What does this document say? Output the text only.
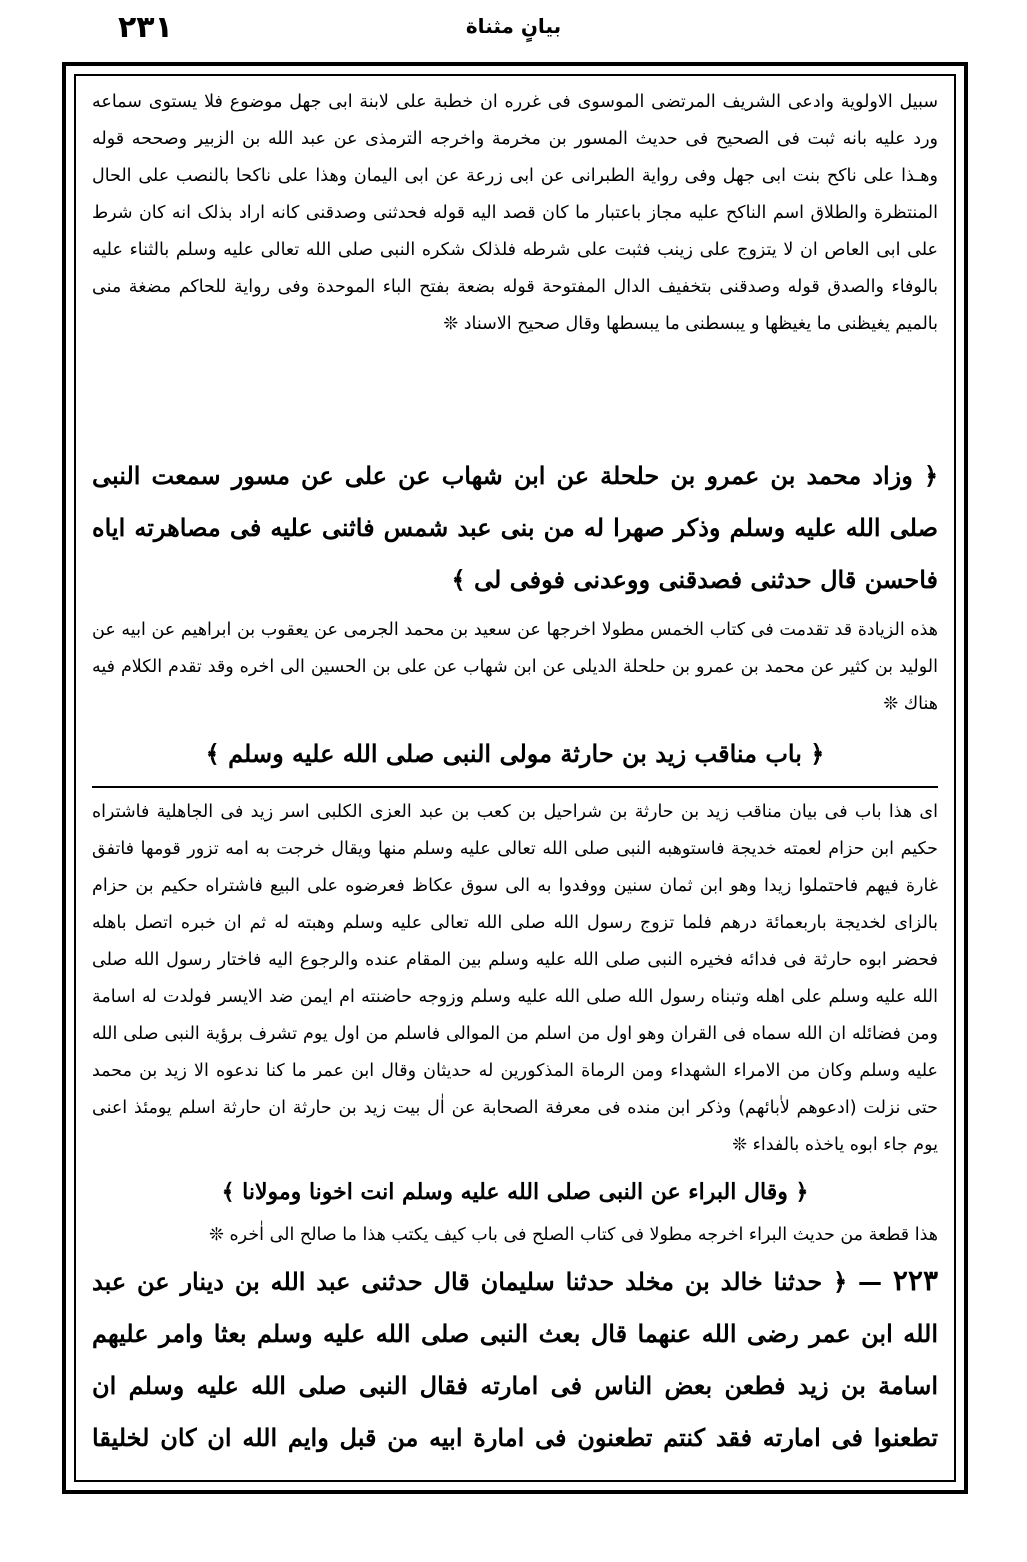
۲۳۱	بیانٍ مثناة

سبیل الاولویة وادعی الشریف المرتضی الموسوی فی غرره ان خطبة علی لابنة ابی جهل موضوع فلا یستوی سماعه ورد علیه بانه ثبت فی الصحیح فی حدیث المسور بن مخرمة واخرجه الترمذی عن عبد الله بن الزبیر وصححه قوله وهـذا علی ناکح بنت ابی جهل وفی روایة الطبرانی عن ابی زرعة عن ابی الیمان وهذا علی ناکحا بالنصب علی الحال المنتظرة والطلاق اسم الناکح علیه مجاز باعتبار ما کان قصد الیه قوله فحدثنی وصدقنی کانه اراد بذلک انه کان شرط علی ابی العاص ان لا یتزوج علی زینب فثبت علی شرطه فلذلک شکره النبی صلی الله تعالی علیه وسلم بالثناء علیه بالوفاء والصدق قوله وصدقنی بتخفیف الدال المفتوحة قوله بضعة بفتح الباء الموحدة وفی روایة للحاکم مضغة منی بالمیم یغیظنی ما یغیظها و یبسطنی ما یبسطها وقال صحیح الاسناد ❊

﴿ وزاد محمد بن عمرو بن حلحلة عن ابن شهاب عن علی عن مسور سمعت النبی صلی الله علیه وسلم وذکر صهرا له من بنی عبد شمس فاثنی علیه فی مصاهرته ایاه فاحسن قال حدثنی فصدقنی ووعدنی فوفی لی ﴾

هذه الزیادة قد تقدمت فی کتاب الخمس مطولا اخرجها عن سعید بن محمد الجرمی عن یعقوب بن ابراهیم عن ابیه عن الولید بن کثیر عن محمد بن عمرو بن حلحلة الدیلی عن ابن شهاب عن علی بن الحسین الی اخره وقد تقدم الکلام فیه هناك ❊

﴿ باب مناقب زید بن حارثة مولی النبی صلی الله علیه وسلم ﴾

ای هذا باب فی بیان مناقب زید بن حارثة بن شراحیل بن کعب بن عبد العزی الکلبی اسر زید فی الجاهلیة فاشتراه حکیم ابن حزام لعمته خدیجة فاستوهبه النبی صلی الله تعالی علیه وسلم منها ویقال خرجت به امه تزور قومها فاتفق غارة فیهم فاحتملوا زیدا وهو ابن ثمان سنین ووفدوا به الی سوق عکاظ فعرضوه علی البیع فاشتراه حکیم بن حزام بالزای لخدیجة باربعمائة درهم فلما تزوج رسول الله صلی الله تعالی علیه وسلم وهبته له ثم ان خبره اتصل باهله فحضر ابوه حارثة فی فدائه فخیره النبی صلی الله علیه وسلم بین المقام عنده والرجوع الیه فاختار رسول الله صلی الله علیه وسلم علی اهله وتبناه رسول الله صلی الله علیه وسلم وزوجه حاضنته ام ایمن ضد الایسر فولدت له اسامة ومن فضائله ان الله سماه فی القران وهو اول من اسلم من الموالی فاسلم من اول یوم تشرف برؤیة النبی صلی الله علیه وسلم وکان من الامراء الشهداء ومن الرماة المذکورین له حدیثان وقال ابن عمر ما کنا ندعوه الا زید بن محمد حتی نزلت (ادعوهم لاٰبائهم) وذکر ابن منده فی معرفة الصحابة عن اٰل بیت زید بن حارثة ان حارثة اسلم یومئذ اعنی یوم جاء ابوه یاخذه بالفداء ❊

﴿ وقال البراء عن النبی صلی الله علیه وسلم انت اخونا ومولانا ﴾

هذا قطعة من حدیث البراء اخرجه مطولا فی کتاب الصلح فی باب کیف یکتب هذا ما صالح الی اٰخره ❊

۲۲۳ — ﴿ حدثنا خالد بن مخلد حدثنا سلیمان قال حدثنی عبد الله بن دینار عن عبد الله ابن عمر رضی الله عنهما قال بعث النبی صلی الله علیه وسلم بعثا وامر علیهم اسامة بن زید فطعن بعض الناس فی امارته فقال النبی صلی الله علیه وسلم ان تطعنوا فی امارته فقد کنتم تطعنون فی امارة ابیه من قبل وایم الله ان کان لخلیقا
